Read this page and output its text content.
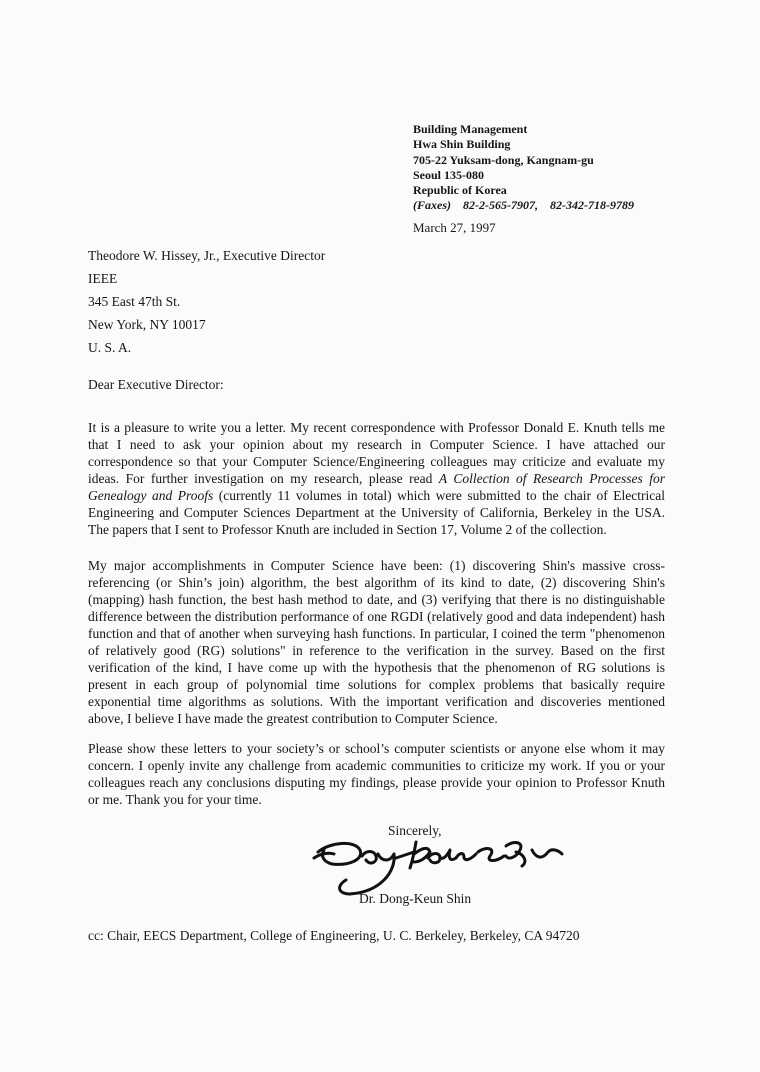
Building Management
Hwa Shin Building
705-22 Yuksam-dong, Kangnam-gu
Seoul 135-080
Republic of Korea
(Faxes) 82-2-565-7907, 82-342-718-9789
March 27, 1997
Theodore W. Hissey, Jr., Executive Director
IEEE
345 East 47th St.
New York, NY 10017
U. S. A.
Dear Executive Director:

It is a pleasure to write you a letter. My recent correspondence with Professor Donald E. Knuth tells me that I need to ask your opinion about my research in Computer Science. I have attached our correspondence so that your Computer Science/Engineering colleagues may criticize and evaluate my ideas. For further investigation on my research, please read A Collection of Research Processes for Genealogy and Proofs (currently 11 volumes in total) which were submitted to the chair of Electrical Engineering and Computer Sciences Department at the University of California, Berkeley in the USA. The papers that I sent to Professor Knuth are included in Section 17, Volume 2 of the collection.

My major accomplishments in Computer Science have been: (1) discovering Shin's massive cross-referencing (or Shin’s join) algorithm, the best algorithm of its kind to date, (2) discovering Shin's (mapping) hash function, the best hash method to date, and (3) verifying that there is no distinguishable difference between the distribution performance of one RGDI (relatively good and data independent) hash function and that of another when surveying hash functions. In particular, I coined the term "phenomenon of relatively good (RG) solutions" in reference to the verification in the survey. Based on the first verification of the kind, I have come up with the hypothesis that the phenomenon of RG solutions is present in each group of polynomial time solutions for complex problems that basically require exponential time algorithms as solutions. With the important verification and discoveries mentioned above, I believe I have made the greatest contribution to Computer Science.

Please show these letters to your society’s or school’s computer scientists or anyone else whom it may concern. I openly invite any challenge from academic communities to criticize my work. If you or your colleagues reach any conclusions disputing my findings, please provide your opinion to Professor Knuth or me. Thank you for your time.

Sincerely,
Dr. Dong-Keun Shin
cc: Chair, EECS Department, College of Engineering, U. C. Berkeley, Berkeley, CA 94720
